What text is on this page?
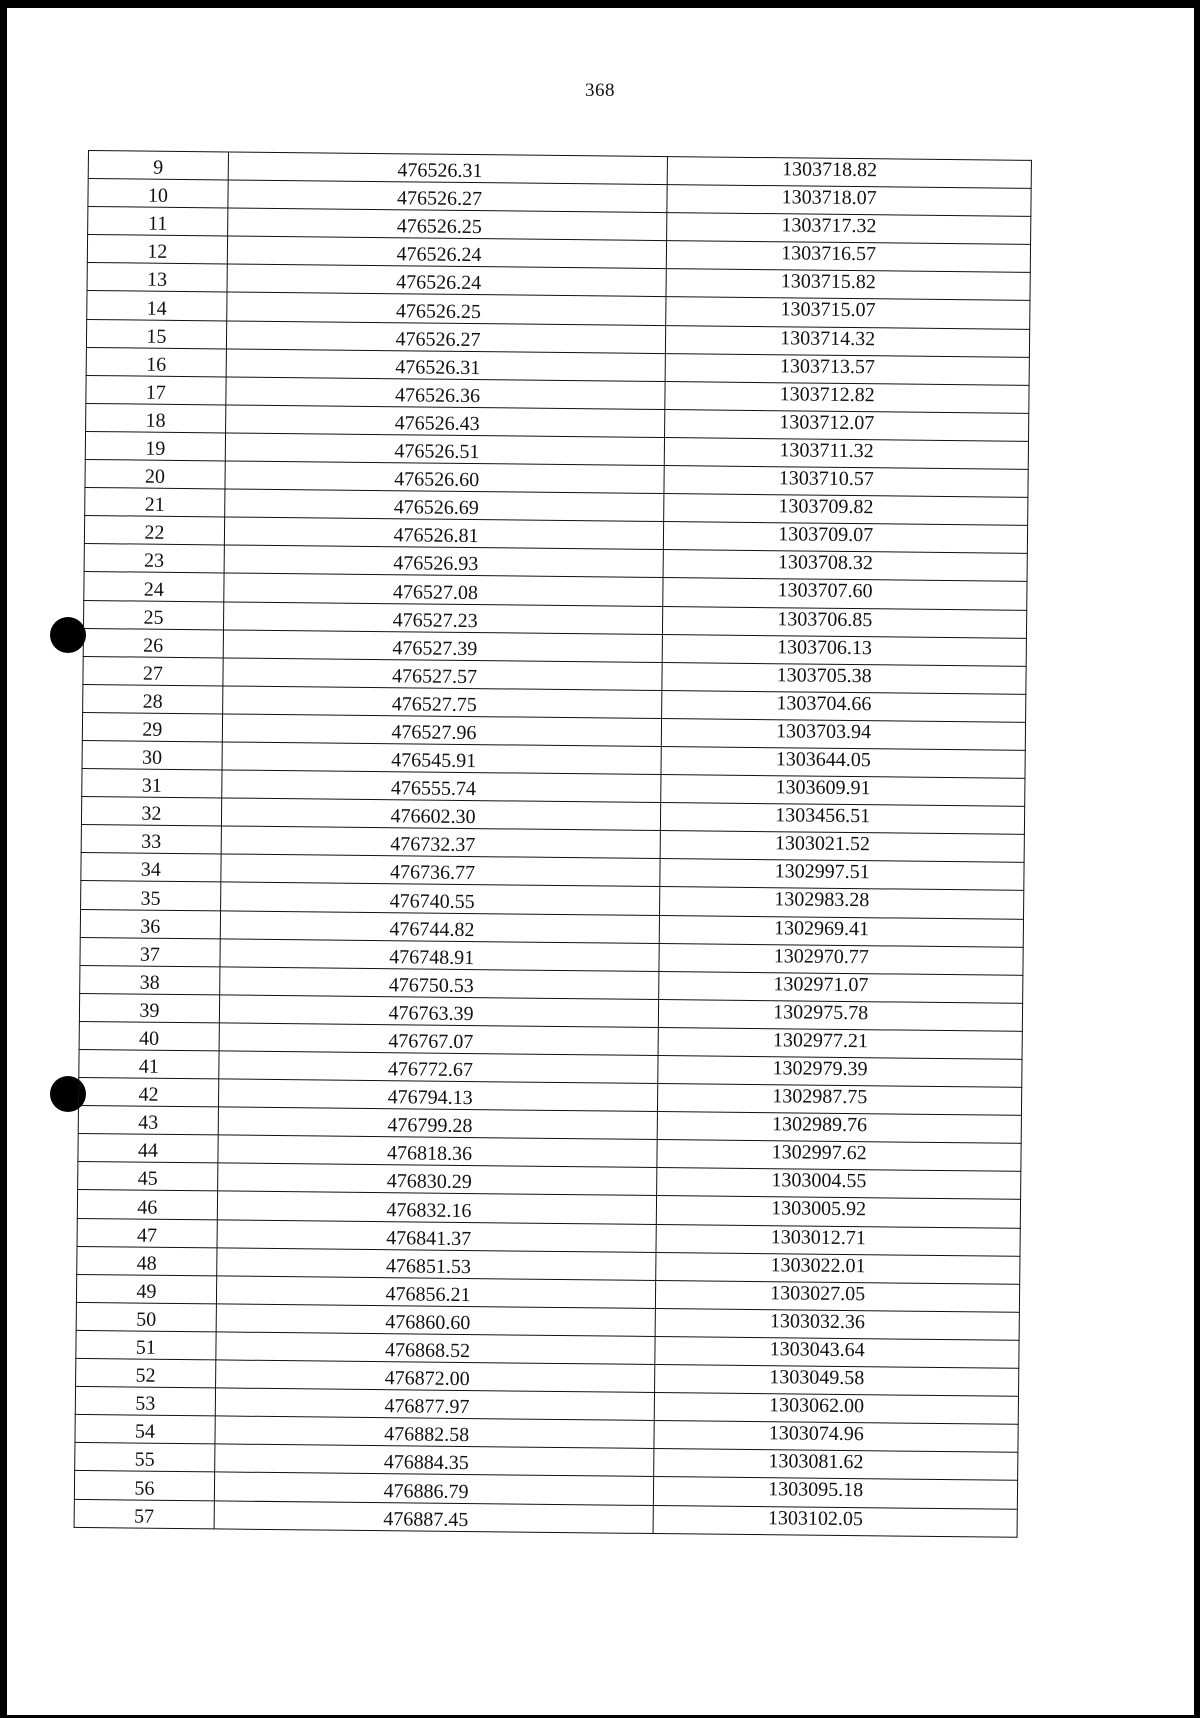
368
9	476526.31	1303718.82
10	476526.27	1303718.07
11	476526.25	1303717.32
12	476526.24	1303716.57
13	476526.24	1303715.82
14	476526.25	1303715.07
15	476526.27	1303714.32
16	476526.31	1303713.57
17	476526.36	1303712.82
18	476526.43	1303712.07
19	476526.51	1303711.32
20	476526.60	1303710.57
21	476526.69	1303709.82
22	476526.81	1303709.07
23	476526.93	1303708.32
24	476527.08	1303707.60
25	476527.23	1303706.85
26	476527.39	1303706.13
27	476527.57	1303705.38
28	476527.75	1303704.66
29	476527.96	1303703.94
30	476545.91	1303644.05
31	476555.74	1303609.91
32	476602.30	1303456.51
33	476732.37	1303021.52
34	476736.77	1302997.51
35	476740.55	1302983.28
36	476744.82	1302969.41
37	476748.91	1302970.77
38	476750.53	1302971.07
39	476763.39	1302975.78
40	476767.07	1302977.21
41	476772.67	1302979.39
42	476794.13	1302987.75
43	476799.28	1302989.76
44	476818.36	1302997.62
45	476830.29	1303004.55
46	476832.16	1303005.92
47	476841.37	1303012.71
48	476851.53	1303022.01
49	476856.21	1303027.05
50	476860.60	1303032.36
51	476868.52	1303043.64
52	476872.00	1303049.58
53	476877.97	1303062.00
54	476882.58	1303074.96
55	476884.35	1303081.62
56	476886.79	1303095.18
57	476887.45	1303102.05
